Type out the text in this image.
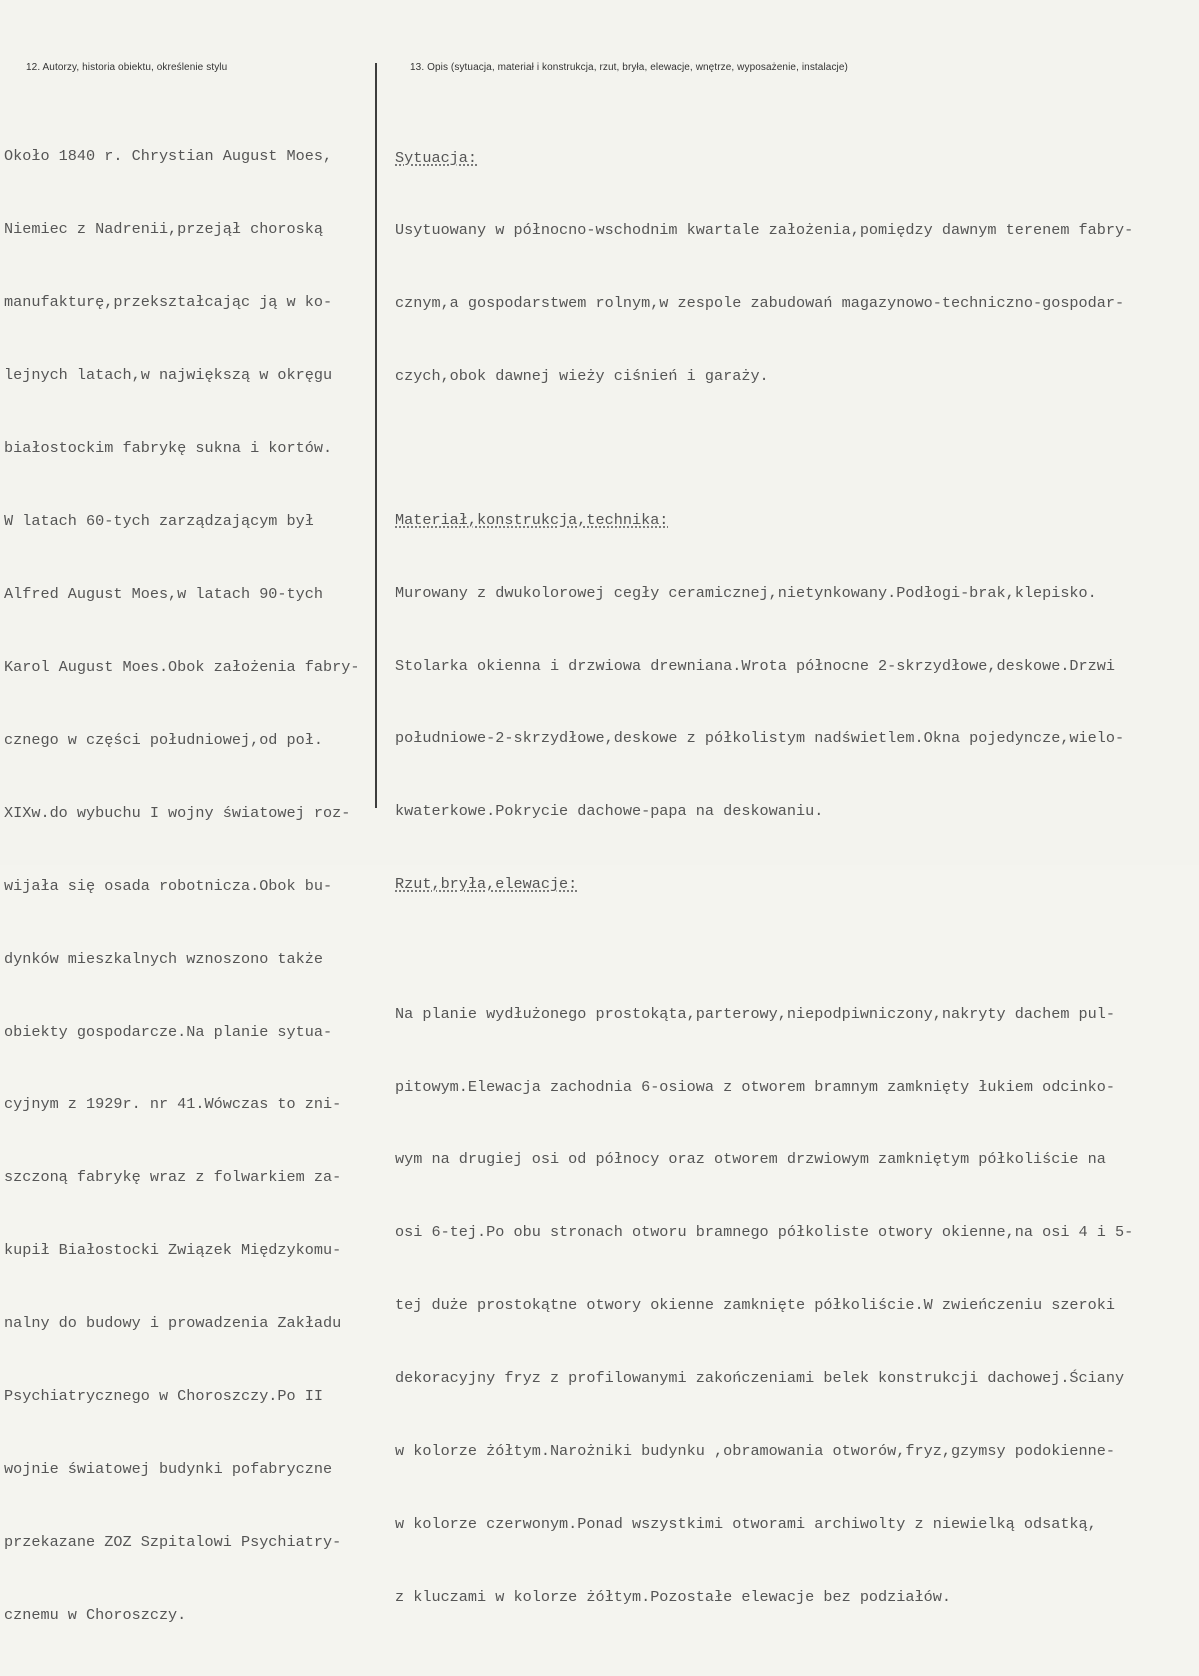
12. Autorzy, historia obiektu, określenie stylu	13. Opis (sytuacja, materiał i konstrukcja, rzut, bryła, elewacje, wnętrze, wyposażenie, instalacje)

Około 1840 r. Chrystian August Moes,

Niemiec z Nadrenii,przejął choroską

manufakturę,przekształcając ją w ko-

lejnych latach,w największą w okręgu

białostockim fabrykę sukna i kortów.

W latach 60-tych zarządzającym był

Alfred August Moes,w latach 90-tych

Karol August Moes.Obok założenia fabry-

cznego w części południowej,od poł.

XIXw.do wybuchu I wojny światowej roz-

wijała się osada robotnicza.Obok bu-

dynków mieszkalnych wznoszono także

obiekty gospodarcze.Na planie sytua-

cyjnym z 1929r. nr 41.Wówczas to zni-

szczoną fabrykę wraz z folwarkiem za-

kupił Białostocki Związek Międzykomu-

nalny do budowy i prowadzenia Zakładu

Psychiatrycznego w Choroszczy.Po II

wojnie światowej budynki pofabryczne

przekazane ZOZ Szpitalowi Psychiatry-

cznemu w Choroszczy.

Sytuacja:

Usytuowany w północno-wschodnim kwartale założenia,pomiędzy dawnym terenem fabry-

cznym,a gospodarstwem rolnym,w zespole zabudowań magazynowo-techniczno-gospodar-

czych,obok dawnej wieży ciśnień i garaży.

Materiał,konstrukcja,technika:

Murowany z dwukolorowej cegły ceramicznej,nietynkowany.Podłogi-brak,klepisko.

Stolarka okienna i drzwiowa drewniana.Wrota północne 2-skrzydłowe,deskowe.Drzwi

południowe-2-skrzydłowe,deskowe z półkolistym nadświetlem.Okna pojedyncze,wielo-

kwaterkowe.Pokrycie dachowe-papa na deskowaniu.

Rzut,bryła,elewacje:

Na planie wydłużonego prostokąta,parterowy,niepodpiwniczony,nakryty dachem pul-

pitowym.Elewacja zachodnia 6-osiowa z otworem bramnym zamknięty łukiem odcinko-

wym na drugiej osi od północy oraz otworem drzwiowym zamkniętym półkoliście na

osi 6-tej.Po obu stronach otworu bramnego półkoliste otwory okienne,na osi 4 i 5-

tej duże prostokątne otwory okienne zamknięte półkoliście.W zwieńczeniu szeroki

dekoracyjny fryz z profilowanymi zakończeniami belek konstrukcji dachowej.Ściany

w kolorze żółtym.Narożniki budynku ,obramowania otworów,fryz,gzymsy podokienne-

w kolorze czerwonym.Ponad wszystkimi otworami archiwolty z niewielką odsatką,

z kluczami w kolorze żółtym.Pozostałe elewacje bez podziałów.
